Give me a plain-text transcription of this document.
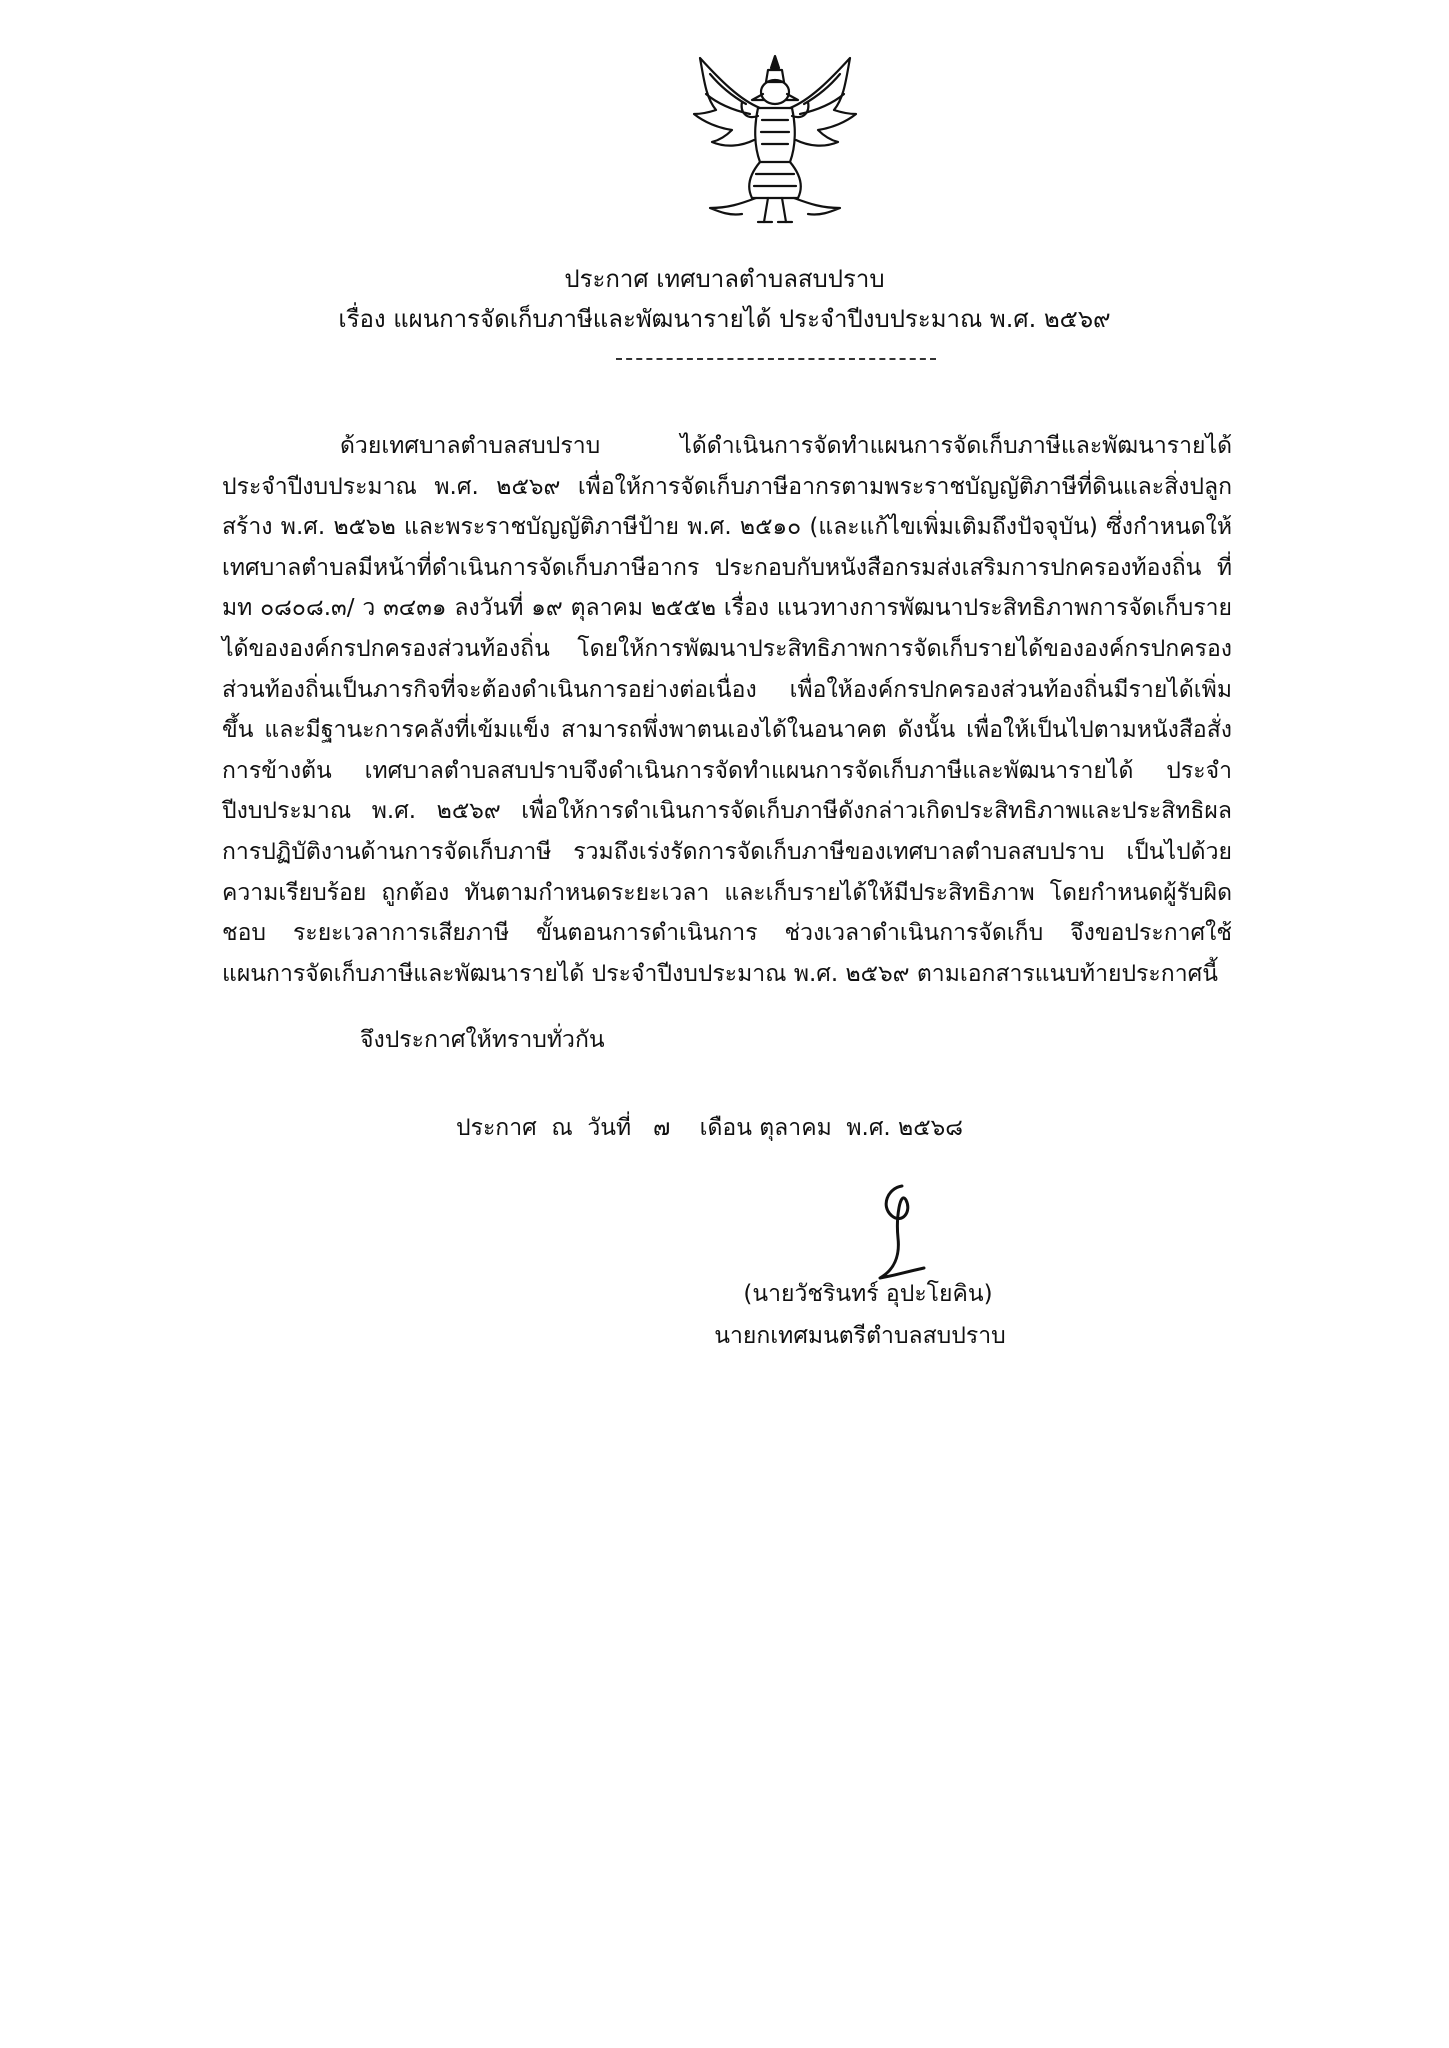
ประกาศ เทศบาลตำบลสบปราบ
เรื่อง แผนการจัดเก็บภาษีและพัฒนารายได้ ประจำปีงบประมาณ พ.ศ. ๒๕๖๙
ด้วยเทศบาลตำบลสบปราบ ได้ดำเนินการจัดทำแผนการจัดเก็บภาษีและพัฒนารายได้ ประจำปีงบประมาณ พ.ศ. ๒๕๖๙ เพื่อให้การจัดเก็บภาษีอากรตามพระราชบัญญัติภาษีที่ดินและสิ่งปลูกสร้าง พ.ศ. ๒๕๖๒ และพระราชบัญญัติภาษีป้าย พ.ศ. ๒๕๑๐ (และแก้ไขเพิ่มเติมถึงปัจจุบัน) ซึ่งกำหนดให้เทศบาลตำบลมีหน้าที่ดำเนินการจัดเก็บภาษีอากร ประกอบกับหนังสือกรมส่งเสริมการปกครองท้องถิ่น ที่ มท ๐๘๐๘.๓/ ว ๓๔๓๑ ลงวันที่ ๑๙ ตุลาคม ๒๕๕๒ เรื่อง แนวทางการพัฒนาประสิทธิภาพการจัดเก็บรายได้ขององค์กรปกครองส่วนท้องถิ่น โดยให้การพัฒนาประสิทธิภาพการจัดเก็บรายได้ขององค์กรปกครองส่วนท้องถิ่นเป็นภารกิจที่จะต้องดำเนินการอย่างต่อเนื่อง เพื่อให้องค์กรปกครองส่วนท้องถิ่นมีรายได้เพิ่มขึ้น และมีฐานะการคลังที่เข้มแข็ง สามารถพึ่งพาตนเองได้ในอนาคต ดังนั้น เพื่อให้เป็นไปตามหนังสือสั่งการข้างต้น เทศบาลตำบลสบปราบจึงดำเนินการจัดทำแผนการจัดเก็บภาษีและพัฒนารายได้ ประจำปีงบประมาณ พ.ศ. ๒๕๖๙ เพื่อให้การดำเนินการจัดเก็บภาษีดังกล่าวเกิดประสิทธิภาพและประสิทธิผล การปฏิบัติงานด้านการจัดเก็บภาษี รวมถึงเร่งรัดการจัดเก็บภาษีของเทศบาลตำบลสบปราบ เป็นไปด้วยความเรียบร้อย ถูกต้อง ทันตามกำหนดระยะเวลา และเก็บรายได้ให้มีประสิทธิภาพ โดยกำหนดผู้รับผิดชอบ ระยะเวลาการเสียภาษี ขั้นตอนการดำเนินการ ช่วงเวลาดำเนินการจัดเก็บ จึงขอประกาศใช้แผนการจัดเก็บภาษีและพัฒนารายได้ ประจำปีงบประมาณ พ.ศ. ๒๕๖๙ ตามเอกสารแนบท้ายประกาศนี้
จึงประกาศให้ทราบทั่วกัน
ประกาศ  ณ  วันที่   ๗    เดือน ตุลาคม  พ.ศ. ๒๕๖๘
(นายวัชรินทร์ อุปะโยคิน)
นายกเทศมนตรีตำบลสบปราบ
